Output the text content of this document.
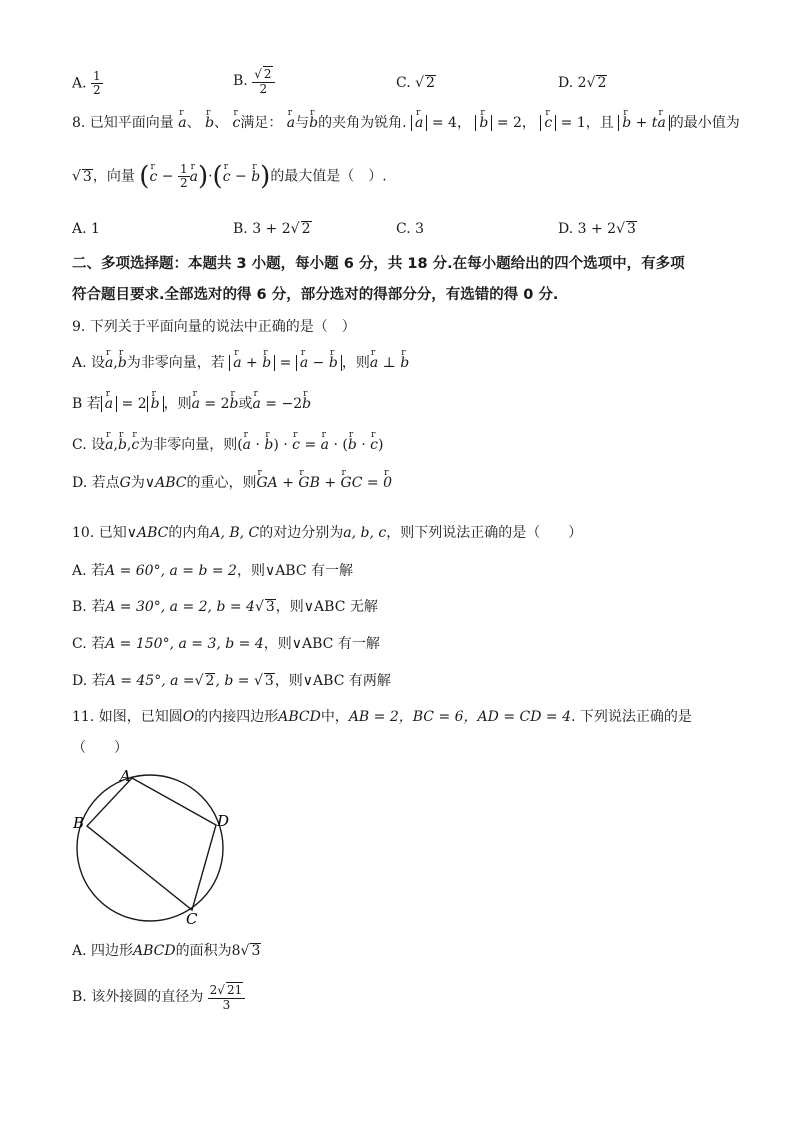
A. $\frac{1}{2}$	B. $\frac{√ 2}{2}$	C. √ 2	D. 2√ 2
8. 已知平面向量 r a、 r b、 r c满足： r a与r b的夹角为锐角. r a = 4， r b = 2， r c = 1，且 r b + tr a 的最小值为
√ 3，向量 (r $c - \frac{1}{2}$ r a)·(r c − r b)的最大值是（　）.
A. 1	B. 3 + 2√ 2	C. 3	D. 3 + 2√ 3
二、多项选择题：本题共 3 小题，每小题 6 分，共 18 分.在每小题给出的四个选项中，有多项
符合题目要求.全部选对的得 6 分，部分选对的得部分分，有选错的得 0 分.
9. 下列关于平面向量的说法中正确的是（　）
A. 设r a,r b为非零向量，若 r a + r b = r a − r b ，则r a ⊥ r b
B 若 r a = 2 r b ，则r a = 2r b或r a = −2r b
C. 设r a,r b,r c为非零向量，则(r a · r b) · r c = r a · (r b · r c)
D. 若点G为∨ABC的重心，则r GA + r GB + r GC = r 0
10. 已知∨ABC的内角A, B, C的对边分别为a, b, c，则下列说法正确的是（　　）
A. 若A = 60°, a = b = 2，则∨ABC 有一解
B. 若A = 30°, a = 2, b = 4√ 3，则∨ABC 无解
C. 若A = 150°, a = 3, b = 4，则∨ABC 有一解
D. 若A = 45°, a =√ 2, b = √ 3，则∨ABC 有两解
11. 如图，已知圆O的内接四边形ABCD中，AB = 2，BC = 6，AD = CD = 4. 下列说法正确的是
（　　）
A
B
C
D
A. 四边形ABCD的面积为8√ 3
B. 该外接圆的直径为 $\frac{2√ 21}{3}$
